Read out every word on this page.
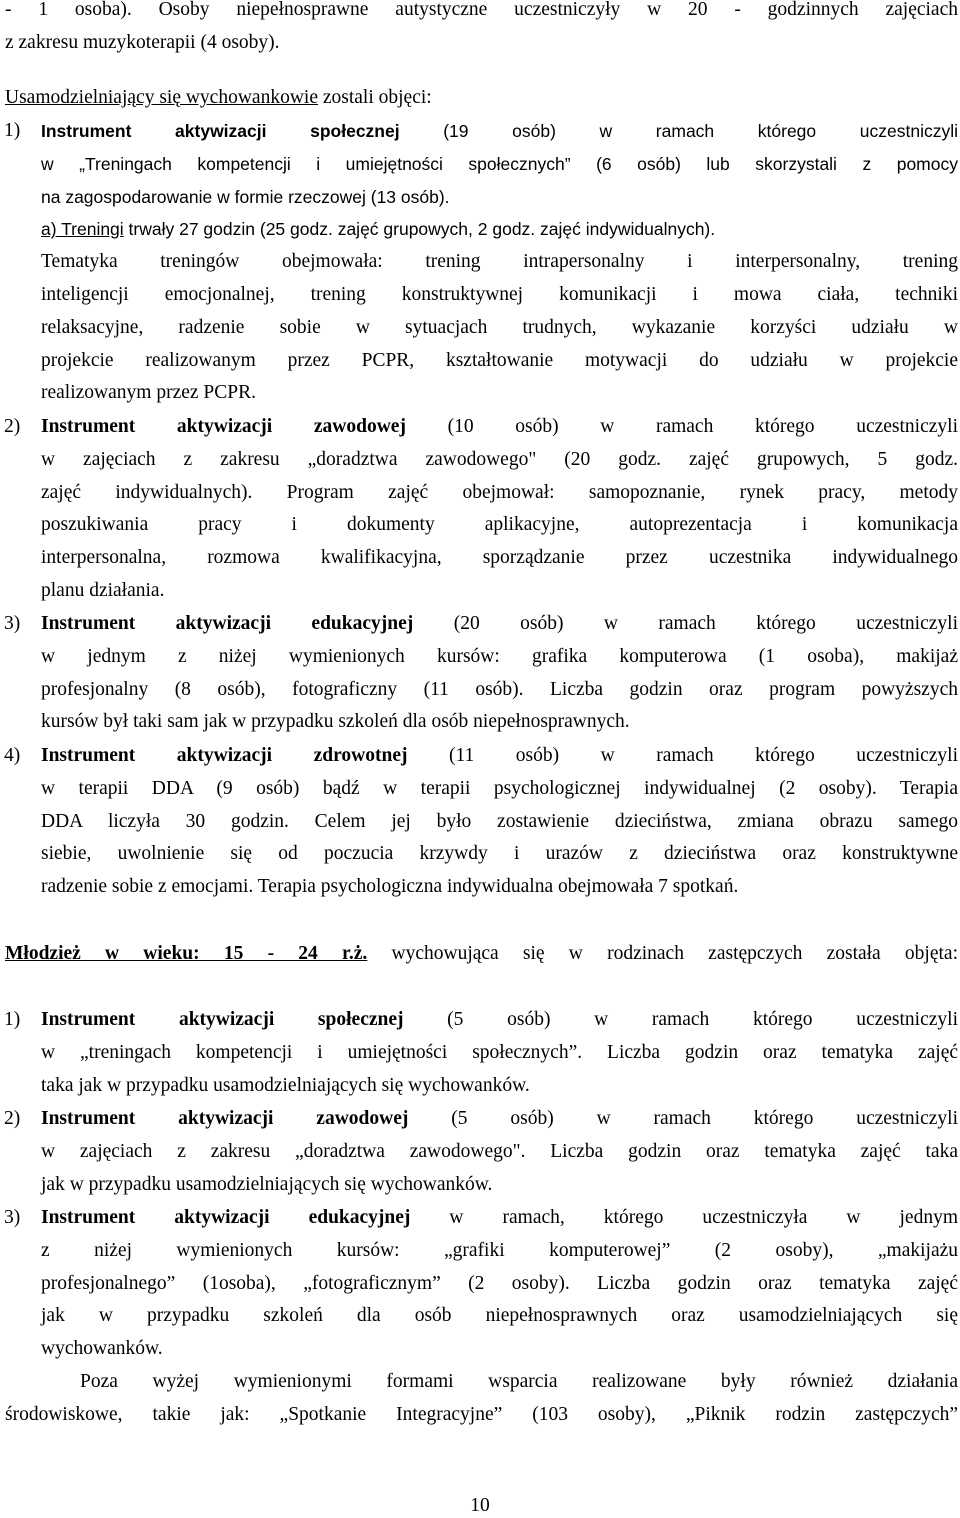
- 1 osoba). Osoby niepełnosprawne autystyczne uczestniczyły w 20 - godzinnych zajęciach
z zakresu muzykoterapii (4 osoby).
Usamodzielniający się wychowankowie zostali objęci:
1) Instrument aktywizacji społecznej (19 osób) w ramach którego uczestniczyli
w „Treningach kompetencji i umiejętności społecznych” (6 osób) lub skorzystali z pomocy
na zagospodarowanie w formie rzeczowej (13 osób).
a) Treningi trwały 27 godzin (25 godz. zajęć grupowych, 2 godz. zajęć indywidualnych).
Tematyka treningów obejmowała: trening intrapersonalny i interpersonalny, trening
inteligencji emocjonalnej, trening konstruktywnej komunikacji i mowa ciała, techniki
relaksacyjne, radzenie sobie w sytuacjach trudnych, wykazanie korzyści udziału w
projekcie realizowanym przez PCPR, kształtowanie motywacji do udziału w projekcie
realizowanym przez PCPR.
2) Instrument aktywizacji zawodowej (10 osób) w ramach którego uczestniczyli
w zajęciach z zakresu „doradztwa zawodowego" (20 godz. zajęć grupowych, 5 godz.
zajęć indywidualnych). Program zajęć obejmował: samopoznanie, rynek pracy, metody
poszukiwania pracy i dokumenty aplikacyjne, autoprezentacja i komunikacja
interpersonalna, rozmowa kwalifikacyjna, sporządzanie przez uczestnika indywidualnego
planu działania.
3) Instrument aktywizacji edukacyjnej (20 osób) w ramach którego uczestniczyli
w jednym z niżej wymienionych kursów: grafika komputerowa (1 osoba), makijaż
profesjonalny (8 osób), fotograficzny (11 osób). Liczba godzin oraz program powyższych
kursów był taki sam jak w przypadku szkoleń dla osób niepełnosprawnych.
4) Instrument aktywizacji zdrowotnej (11 osób) w ramach którego uczestniczyli
w terapii DDA (9 osób) bądź w terapii psychologicznej indywidualnej (2 osoby). Terapia
DDA liczyła 30 godzin. Celem jej było zostawienie dzieciństwa, zmiana obrazu samego
siebie, uwolnienie się od poczucia krzywdy i urazów z dzieciństwa oraz konstruktywne
radzenie sobie z emocjami. Terapia psychologiczna indywidualna obejmowała 7 spotkań.
Młodzież w wieku: 15 - 24 r.ż. wychowująca się w rodzinach zastępczych została objęta:
1) Instrument aktywizacji społecznej (5 osób) w ramach którego uczestniczyli
w „treningach kompetencji i umiejętności społecznych”. Liczba godzin oraz tematyka zajęć
taka jak w przypadku usamodzielniających się wychowanków.
2) Instrument aktywizacji zawodowej (5 osób) w ramach którego uczestniczyli
w zajęciach z zakresu „doradztwa zawodowego". Liczba godzin oraz tematyka zajęć taka
jak w przypadku usamodzielniających się wychowanków.
3) Instrument aktywizacji edukacyjnej w ramach, którego uczestniczyła w jednym
z niżej wymienionych kursów: „grafiki komputerowej” (2 osoby), „makijażu
profesjonalnego” (1osoba), „fotograficznym” (2 osoby). Liczba godzin oraz tematyka zajęć
jak w przypadku szkoleń dla osób niepełnosprawnych oraz usamodzielniających się
wychowanków.
Poza wyżej wymienionymi formami wsparcia realizowane były również działania
środowiskowe, takie jak: „Spotkanie Integracyjne” (103 osoby), „Piknik rodzin zastępczych”
10
